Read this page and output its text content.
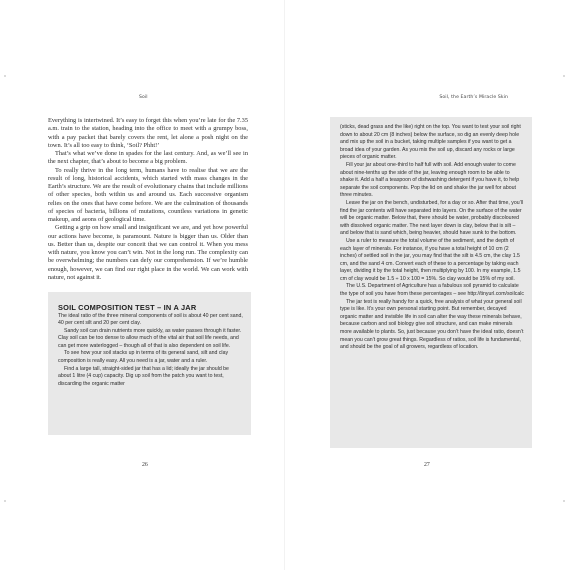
Soil

Everything is intertwined. It’s easy to forget this when you’re late for the 7.35 a.m. train to the station, heading into the office to meet with a grumpy boss, with a pay packet that barely covers the rent, let alone a posh night on the town. It’s all too easy to think, ‘Soil? Phht!’

That’s what we’ve done in spades for the last century. And, as we’ll see in the next chapter, that’s about to become a big problem.

To really thrive in the long term, humans have to realise that we are the result of long, historical accidents, which started with mass changes in the Earth’s structure. We are the result of evolutionary chains that include millions of other species, both within us and around us. Each successive organism relies on the ones that have come before. We are the culmination of thousands of species of bacteria, billions of mutations, countless variations in genetic makeup, and aeons of geological time.

Getting a grip on how small and insignificant we are, and yet how powerful our actions have become, is paramount. Nature is bigger than us. Older than us. Better than us, despite our conceit that we can control it. When you mess with nature, you know you can’t win. Not in the long run. The complexity can be overwhelming; the numbers can defy our comprehension. If we’re humble enough, however, we can find our right place in the world. We can work with nature, not against it.

SOIL COMPOSITION TEST – IN A JAR

The ideal ratio of the three mineral components of soil is about 40 per cent sand, 40 per cent silt and 20 per cent clay.

Sandy soil can drain nutrients more quickly, as water passes through it faster. Clay soil can be too dense to allow much of the vital air that soil life needs, and can get more waterlogged – though all of that is also dependent on soil life.

To see how your soil stacks up in terms of its general sand, silt and clay composition is really easy. All you need is a jar, water and a ruler.

Find a large tall, straight-sided jar that has a lid; ideally the jar should be about 1 litre (4 cup) capacity. Dig up soil from the patch you want to test, discarding the organic matter

26
Soil, the Earth’s Miracle Skin

(sticks, dead grass and the like) right on the top. You want to test your soil right down to about 20 cm (8 inches) below the surface, so dig an evenly deep hole and mix up the soil in a bucket, taking multiple samples if you want to get a broad idea of your garden. As you mix the soil up, discard any rocks or large pieces of organic matter.

Fill your jar about one-third to half full with soil. Add enough water to come about nine-tenths up the side of the jar, leaving enough room to be able to shake it. Add a half a teaspoon of dishwashing detergent if you have it, to help separate the soil components. Pop the lid on and shake the jar well for about three minutes.

Leave the jar on the bench, undisturbed, for a day or so. After that time, you’ll find the jar contents will have separated into layers. On the surface of the water will be organic matter. Below that, there should be water, probably discoloured with dissolved organic matter. The next layer down is clay, below that is silt – and below that is sand which, being heavier, should have sunk to the bottom.

Use a ruler to measure the total volume of the sediment, and the depth of each layer of minerals. For instance, if you have a total height of 10 cm (2 inches) of settled soil in the jar, you may find that the silt is 4.5 cm, the clay 1.5 cm, and the sand 4 cm. Convert each of these to a percentage by taking each layer, dividing it by the total height, then multiplying by 100. In my example, 1.5 cm of clay would be 1.5 ÷ 10 x 100 = 15%. So clay would be 15% of my soil.

The U.S. Department of Agriculture has a fabulous soil pyramid to calculate the type of soil you have from these percentages – see http://tinyurl.com/soilcalc

The jar test is really handy for a quick, free analysis of what your general soil type is like. It’s your own personal starting point. But remember, decayed organic matter and invisible life in soil can alter the way these minerals behave, because carbon and soil biology give soil structure, and can make minerals more available to plants. So, just because you don’t have the ideal ratio, doesn’t mean you can’t grow great things. Regardless of ratios, soil life is fundamental, and should be the goal of all growers, regardless of location.

27
